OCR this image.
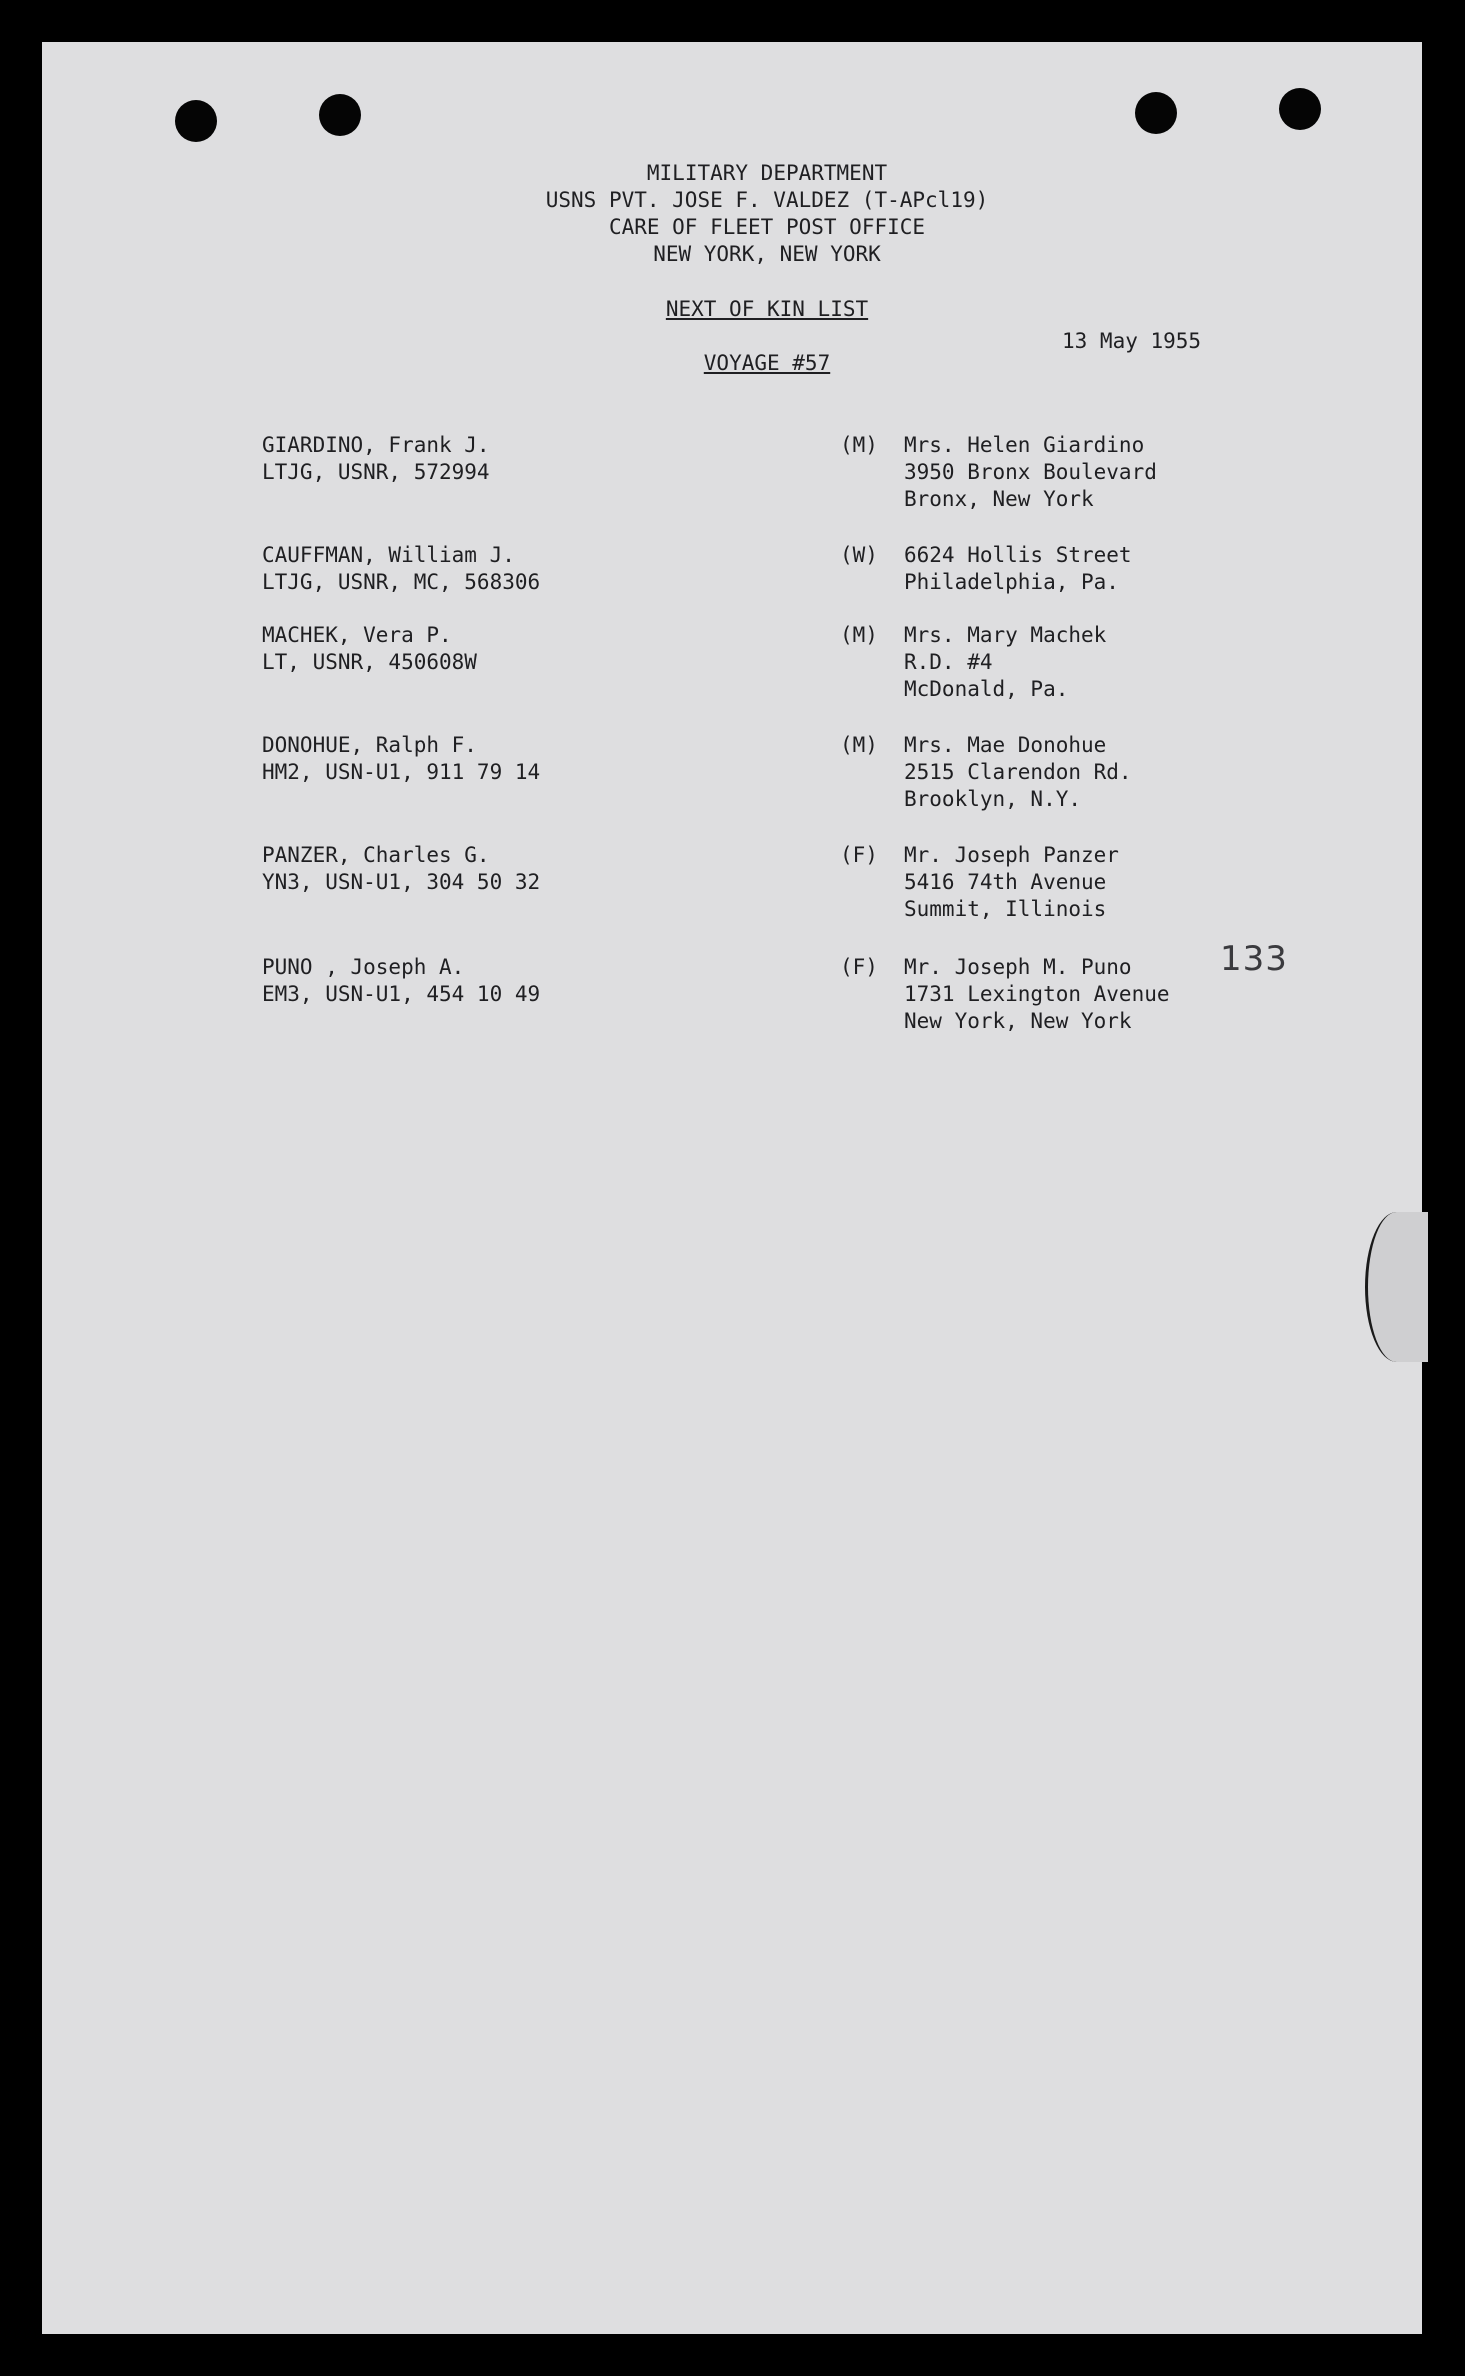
MILITARY DEPARTMENT
USNS PVT. JOSE F. VALDEZ (T-APcl19)
CARE OF FLEET POST OFFICE
NEW YORK, NEW YORK
NEXT OF KIN LIST
VOYAGE #57
13 May 1955
GIARDINO, Frank J.
LTJG, USNR, 572994
(M) Mrs. Helen Giardino
3950 Bronx Boulevard
Bronx, New York
CAUFFMAN, William J.
LTJG, USNR, MC, 568306
(W) 6624 Hollis Street
Philadelphia, Pa.
MACHEK, Vera P.
LT, USNR, 450608W
(M) Mrs. Mary Machek
R.D. #4
McDonald, Pa.
DONOHUE, Ralph F.
HM2, USN-U1, 911 79 14
(M) Mrs. Mae Donohue
2515 Clarendon Rd.
Brooklyn, N.Y.
PANZER, Charles G.
YN3, USN-U1, 304 50 32
(F) Mr. Joseph Panzer
5416 74th Avenue
Summit, Illinois
PUNO , Joseph A.
EM3, USN-U1, 454 10 49
(F) Mr. Joseph M. Puno
1731 Lexington Avenue
New York, New York
133
